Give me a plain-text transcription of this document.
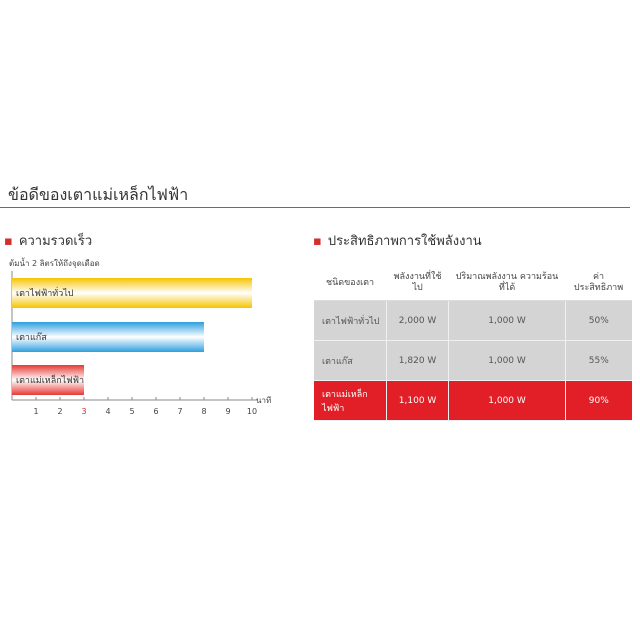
ข้อดีของเตาแม่เหล็กไฟฟ้า
▪ ความรวดเร็ว	▪ ประสิทธิภาพการใช้พลังงาน
ต้มน้ำ 2 ลิตรให้ถึงจุดเดือด
เตาไฟฟ้าทั่วไป
เตาแก๊ส
เตาแม่เหล็กไฟฟ้า
1 2 3 4 5 6 7 8 9 10
นาที
ชนิดของเตา	พลังงานที่ใช้ไป	ปริมาณพลังงาน ความร้อนที่ได้	ค่าประสิทธิภาพ
เตาไฟฟ้าทั่วไป	2,000 W	1,000 W	50%
เตาแก๊ส	1,820 W	1,000 W	55%
เตาแม่เหล็กไฟฟ้า	1,100 W	1,000 W	90%
